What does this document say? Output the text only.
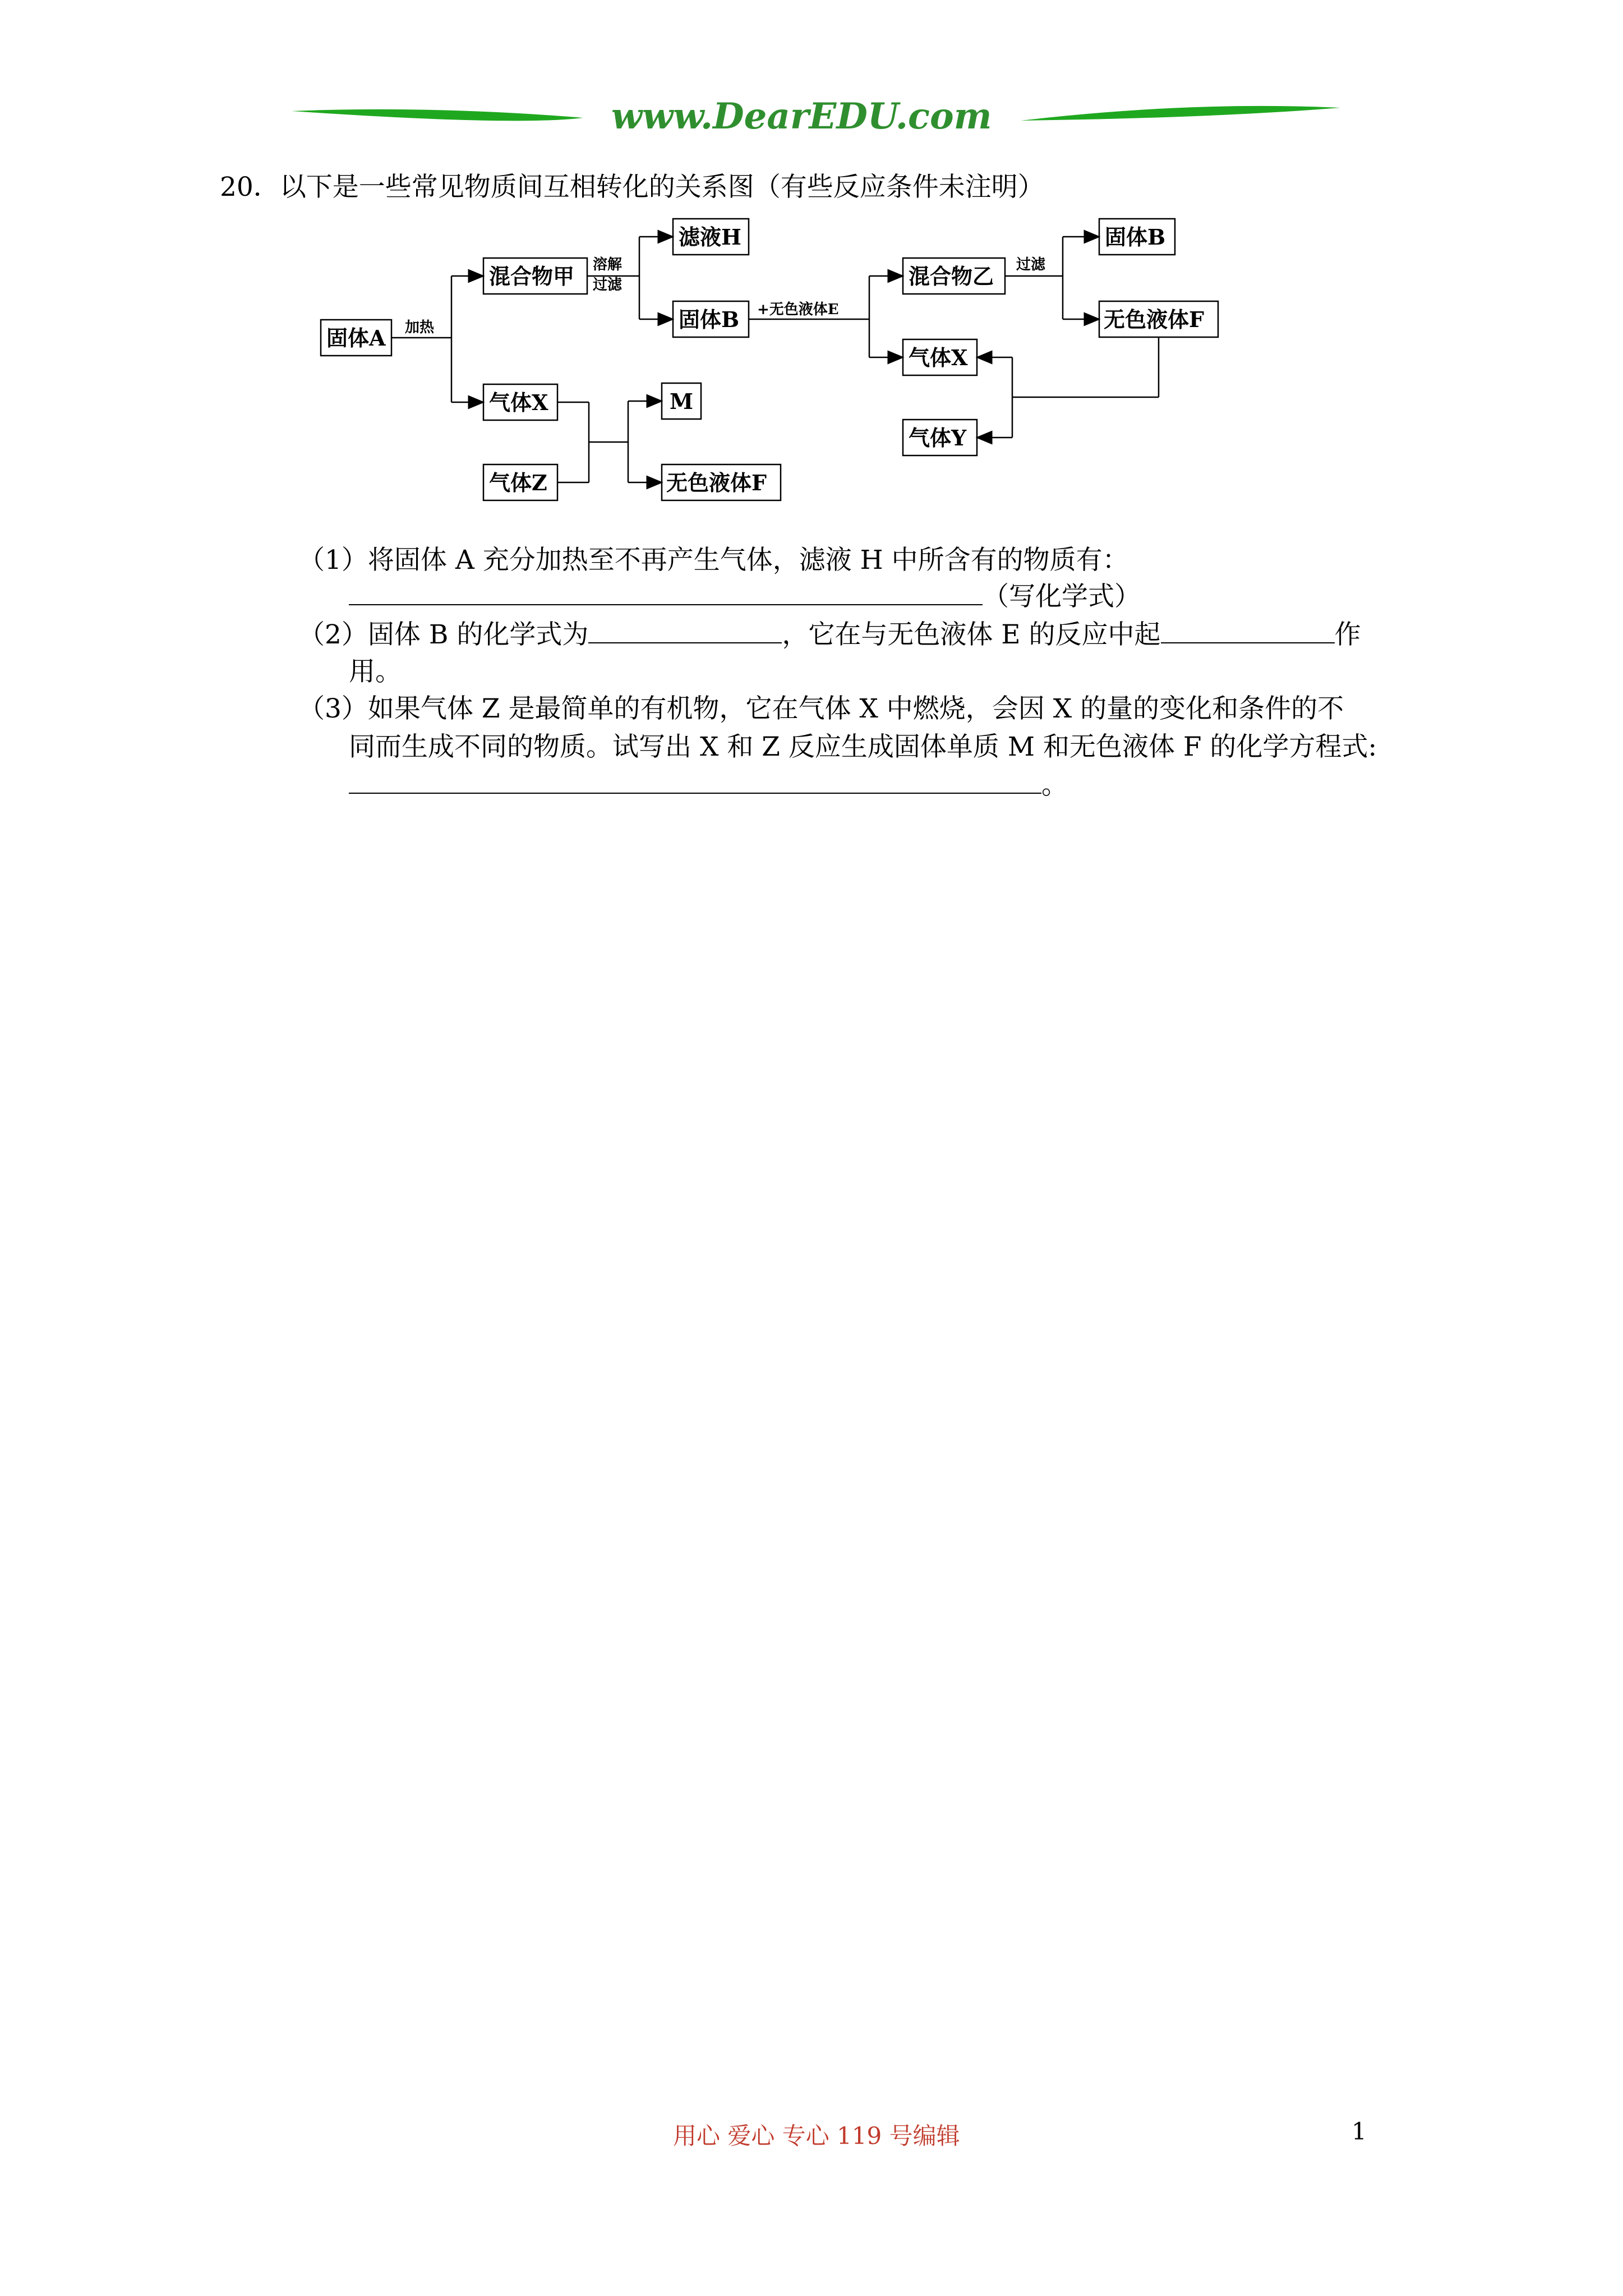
www.DearEDU.com
20．以下是一些常见物质间互相转化的关系图（有些反应条件未注明）
固体A
混合物甲
滤液H
固体B
气体X
气体Z
M
无色液体F
混合物乙
固体B
无色液体F
气体X
气体Y
加热
溶解
过滤
+无色液体E
过滤
（1）将固体 A 充分加热至不再产生气体，滤液 H 中所含有的物质有：
（写化学式）
（2）固体 B 的化学式为	，它在与无色液体 E 的反应中起	作
用。
（3）如果气体 Z 是最简单的有机物，它在气体 X 中燃烧，会因 X 的量的变化和条件的不
同而生成不同的物质。试写出 X 和 Z 反应生成固体单质 M 和无色液体 F 的化学方程式:
。
用心 爱心 专心 119 号编辑	1
